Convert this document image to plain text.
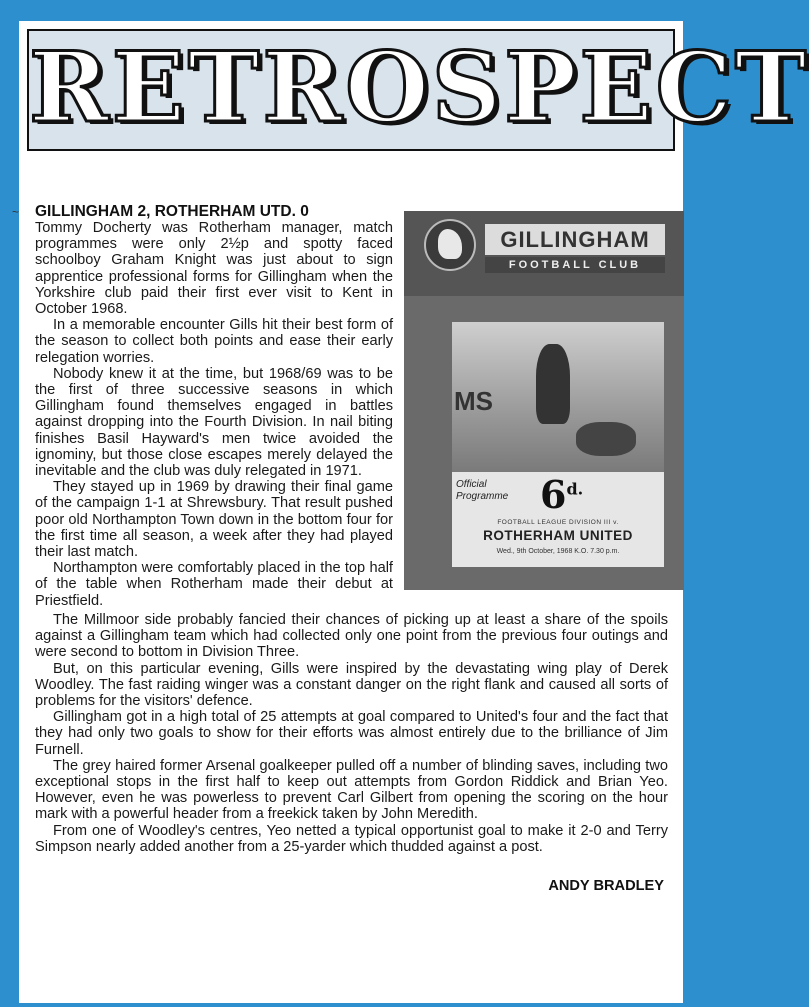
RETROSPECT
~ GILLINGHAM 2, ROTHERHAM UTD. 0

Tommy Docherty was Rotherham manager, match programmes were only 2½p and spotty faced schoolboy Graham Knight was just about to sign apprentice professional forms for Gillingham when the Yorkshire club paid their first ever visit to Kent in October 1968.

In a memorable encounter Gills hit their best form of the season to collect both points and ease their early relegation worries.

Nobody knew it at the time, but 1968/69 was to be the first of three successive seasons in which Gillingham found themselves engaged in battles against dropping into the Fourth Division. In nail biting finishes Basil Hayward's men twice avoided the ignominy, but those close escapes merely delayed the inevitable and the club was duly relegated in 1971.

They stayed up in 1969 by drawing their final game of the campaign 1-1 at Shrewsbury. That result pushed poor old Northampton Town down in the bottom four for the first time all season, a week after they had played their last match.

Northampton were comfortably placed in the top half of the table when Rotherham made their debut at Priestfield.

The Millmoor side probably fancied their chances of picking up at least a share of the spoils against a Gillingham team which had collected only one point from the previous four outings and were second to bottom in Division Three.

But, on this particular evening, Gills were inspired by the devastating wing play of Derek Woodley. The fast raiding winger was a constant danger on the right flank and caused all sorts of problems for the visitors' defence.

Gillingham got in a high total of 25 attempts at goal compared to United's four and the fact that they had only two goals to show for their efforts was almost entirely due to the brilliance of Jim Furnell.

The grey haired former Arsenal goalkeeper pulled off a number of blinding saves, including two exceptional stops in the first half to keep out attempts from Gordon Riddick and Brian Yeo. However, even he was powerless to prevent Carl Gilbert from opening the scoring on the hour mark with a powerful header from a freekick taken by John Meredith.

From one of Woodley's centres, Yeo netted a typical opportunist goal to make it 2-0 and Terry Simpson nearly added another from a 25-yarder which thudded against a post.

ANDY BRADLEY
GILLINGHAM
FOOTBALL CLUB
MS
Official
Programme $6^{d.}$
FOOTBALL LEAGUE DIVISION III v.
ROTHERHAM UNITED
Wed., 9th October, 1968 K.O. 7.30 p.m.
